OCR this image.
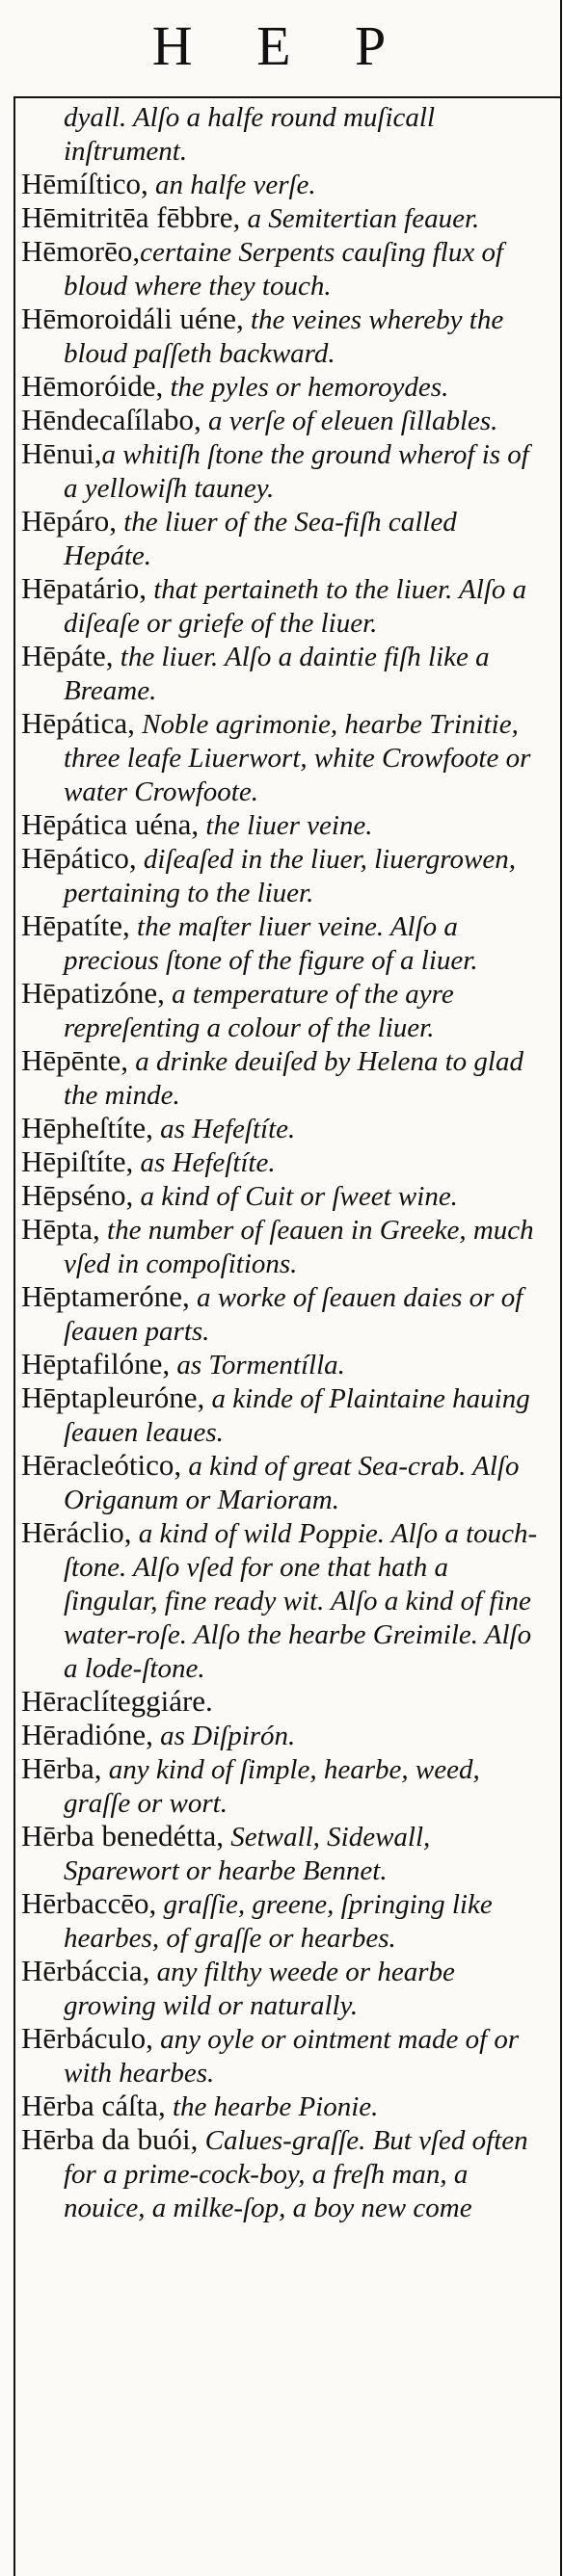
H E P

dyall. Alſo a halfe round muſicall inſtrument.

Hēmíſtico, an halfe verſe.

Hēmitritēa fēbbre, a Semitertian feauer.

Hēmorēo,certaine Serpents cauſing flux of bloud where they touch.

Hēmoroidáli uéne, the veines whereby the bloud paſſeth backward.

Hēmoróide, the pyles or hemoroydes.

Hēndecaſílabo, a verſe of eleuen ſillables.

Hēnui,a whitiſh ſtone the ground wherof is of a yellowiſh tauney.

Hēpáro, the liuer of the Sea-fiſh called Hepáte.

Hēpatário, that pertaineth to the liuer. Alſo a diſeaſe or griefe of the liuer.

Hēpáte, the liuer. Alſo a daintie fiſh like a Breame.

Hēpática, Noble agrimonie, hearbe Trinitie, three leafe Liuerwort, white Crowfoote or water Crowfoote.

Hēpática uéna, the liuer veine.

Hēpático, diſeaſed in the liuer, liuergrowen, pertaining to the liuer.

Hēpatíte, the maſter liuer veine. Alſo a precious ſtone of the figure of a liuer.

Hēpatizóne, a temperature of the ayre repreſenting a colour of the liuer.

Hēpēnte, a drinke deuiſed by Helena to glad the minde.

Hēpheſtíte, as Hefeſtíte.

Hēpiſtíte, as Hefeſtíte.

Hēpséno, a kind of Cuit or ſweet wine.

Hēpta, the number of ſeauen in Greeke, much vſed in compoſitions.

Hēptameróne, a worke of ſeauen daies or of ſeauen parts.

Hēptafilóne, as Tormentílla.

Hēptapleuróne, a kinde of Plaintaine hauing ſeauen leaues.

Hēracleótico, a kind of great Sea-crab. Alſo Origanum or Marioram.

Hēráclio, a kind of wild Poppie. Alſo a touch-ſtone. Alſo vſed for one that hath a ſingular, fine ready wit. Alſo a kind of fine water-roſe. Alſo the hearbe Greimile. Alſo a lode-ſtone.

Hēraclíteggiáre.

Hēradióne, as Diſpirón.

Hērba, any kind of ſimple, hearbe, weed, graſſe or wort.

Hērba benedétta, Setwall, Sidewall, Sparewort or hearbe Bennet.

Hērbaccēo, graſſie, greene, ſpringing like hearbes, of graſſe or hearbes.

Hērbáccia, any filthy weede or hearbe growing wild or naturally.

Hērbáculo, any oyle or ointment made of or with hearbes.

Hērba cáſta, the hearbe Pionie.

Hērba da buói, Calues-graſſe. But vſed often for a prime-cock-boy, a freſh man, a nouice, a milke-ſop, a boy new come
